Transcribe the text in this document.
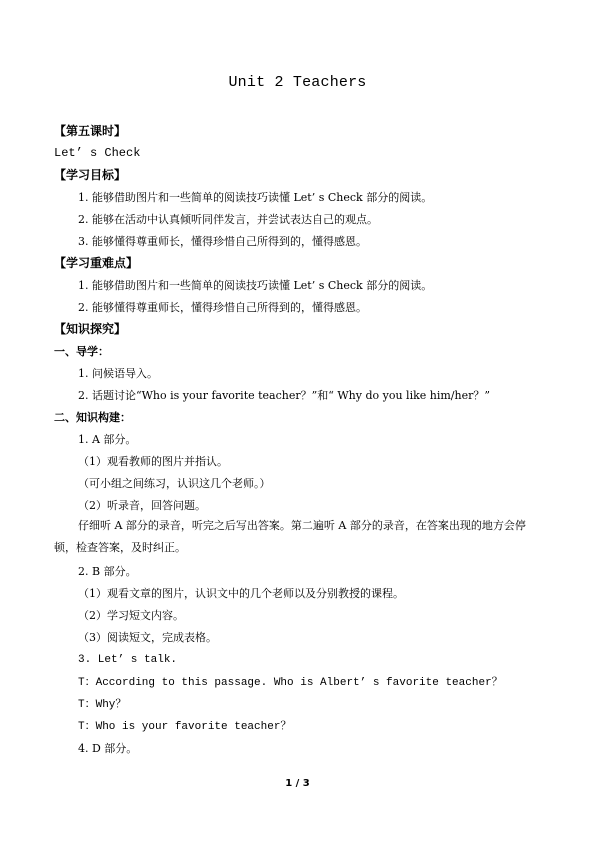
Unit 2 Teachers
【第五课时】
Let’ s Check
【学习目标】
1. 能够借助图片和一些简单的阅读技巧读懂 Let’ s Check 部分的阅读。
2. 能够在活动中认真倾听同伴发言，并尝试表达自己的观点。
3. 能够懂得尊重师长，懂得珍惜自己所得到的，懂得感恩。
【学习重难点】
1. 能够借助图片和一些简单的阅读技巧读懂 Let’ s Check 部分的阅读。
2. 能够懂得尊重师长，懂得珍惜自己所得到的，懂得感恩。
【知识探究】
一、导学：
1. 问候语导入。
2. 话题讨论“Who is your favorite teacher？”和“ Why do you like him/her？”
二、知识构建：
1. A 部分。
（1）观看教师的图片并指认。
（可小组之间练习，认识这几个老师。）
（2）听录音，回答问题。
仔细听 A 部分的录音，听完之后写出答案。第二遍听 A 部分的录音，在答案出现的地方会停顿，检查答案，及时纠正。
2. B 部分。
（1）观看文章的图片，认识文中的几个老师以及分别教授的课程。
（2）学习短文内容。
（3）阅读短文，完成表格。
3. Let’ s talk.
T：According to this passage. Who is Albert’ s favorite teacher？
T：Why？
T：Who is your favorite teacher？
4. D 部分。
1 / 3
